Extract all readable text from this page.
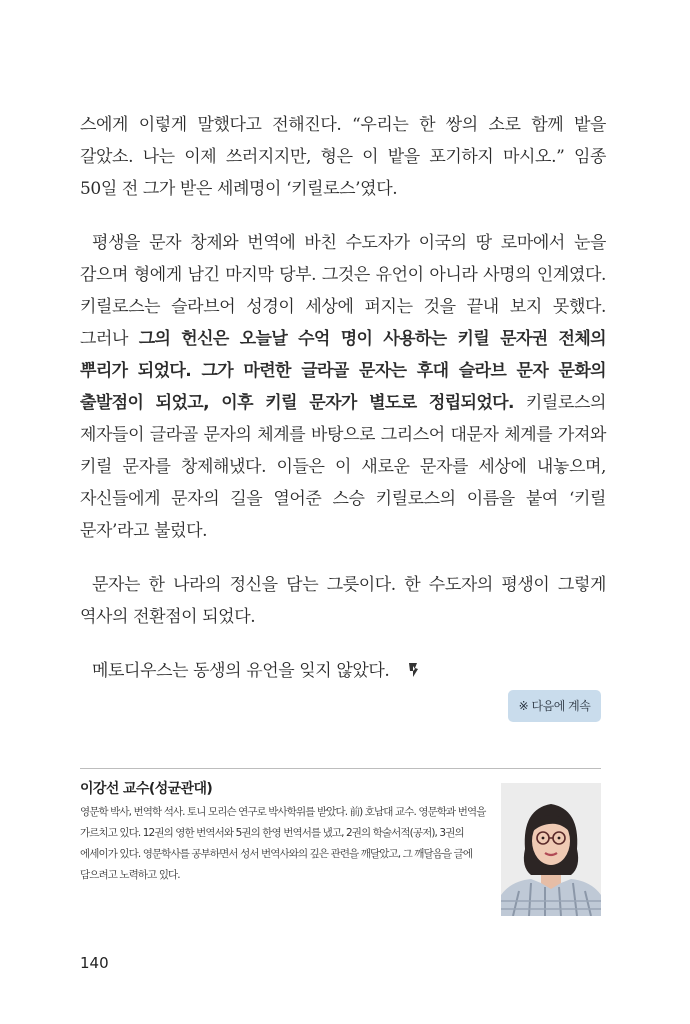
스에게 이렇게 말했다고 전해진다. “우리는 한 쌍의 소로 함께 밭을 갈았소. 나는 이제 쓰러지지만, 형은 이 밭을 포기하지 마시오.” 임종 50일 전 그가 받은 세례명이 ‘키릴로스’였다.

평생을 문자 창제와 번역에 바친 수도자가 이국의 땅 로마에서 눈을 감으며 형에게 남긴 마지막 당부. 그것은 유언이 아니라 사명의 인계였다. 키릴로스는 슬라브어 성경이 세상에 퍼지는 것을 끝내 보지 못했다. 그러나 그의 헌신은 오늘날 수억 명이 사용하는 키릴 문자권 전체의 뿌리가 되었다. 그가 마련한 글라골 문자는 후대 슬라브 문자 문화의 출발점이 되었고, 이후 키릴 문자가 별도로 정립되었다. 키릴로스의 제자들이 글라골 문자의 체계를 바탕으로 그리스어 대문자 체계를 가져와 키릴 문자를 창제해냈다. 이들은 이 새로운 문자를 세상에 내놓으며, 자신들에게 문자의 길을 열어준 스승 키릴로스의 이름을 붙여 ‘키릴 문자’라고 불렀다.

문자는 한 나라의 정신을 담는 그릇이다. 한 수도자의 평생이 그렇게 역사의 전환점이 되었다.

메토디우스는 동생의 유언을 잊지 않았다.

※ 다음에 계속
이강선 교수(성균관대)

영문학 박사, 번역학 석사. 토니 모리슨 연구로 박사학위를 받았다. 前) 호남대 교수. 영문학과 번역을 가르치고 있다. 12권의 영한 번역서와 5권의 한영 번역서를 냈고, 2권의 학술서적(공저), 3권의 에세이가 있다. 영문학사를 공부하면서 성서 번역사와의 깊은 관련을 깨달았고, 그 깨달음을 글에 담으려고 노력하고 있다.

140
